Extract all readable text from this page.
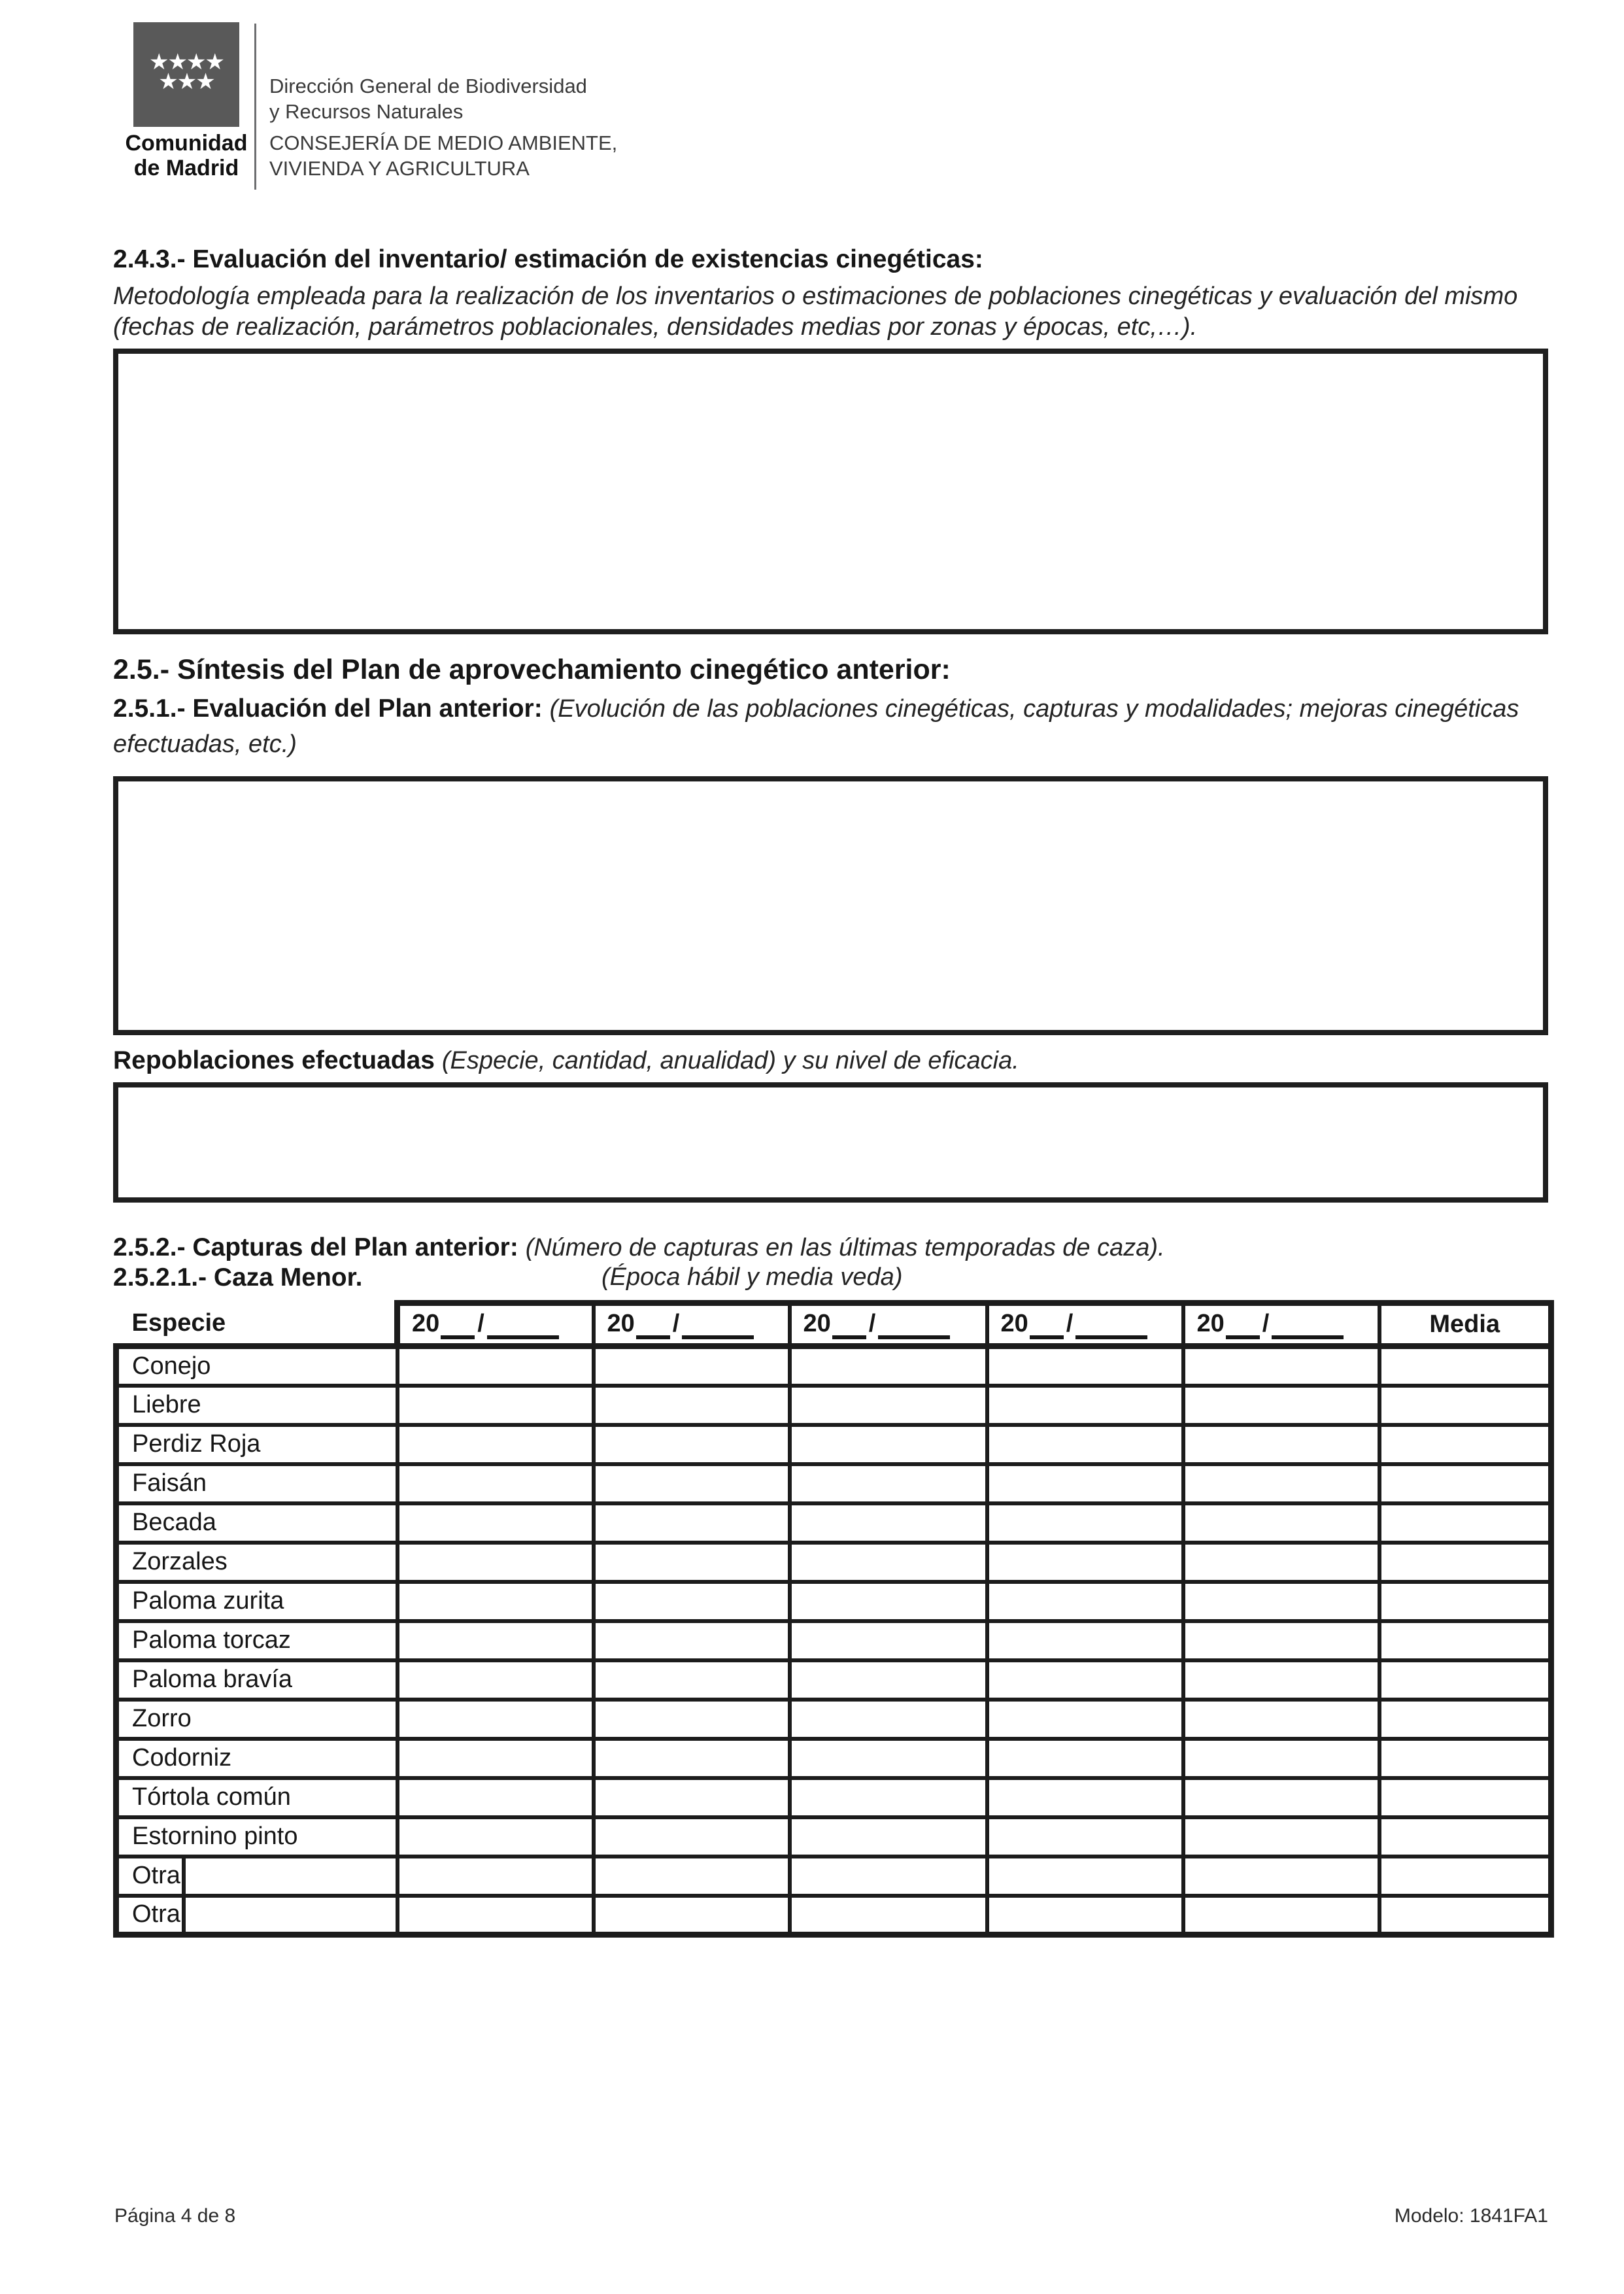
★★★★
★★★
Comunidad
de Madrid
Dirección General de Biodiversidad
y Recursos Naturales
CONSEJERÍA DE MEDIO AMBIENTE,
VIVIENDA Y AGRICULTURA
2.4.3.- Evaluación del inventario/ estimación de existencias cinegéticas:
Metodología empleada para la realización de los inventarios o estimaciones de poblaciones cinegéticas y evaluación del mismo (fechas de realización, parámetros poblacionales, densidades medias por zonas y épocas, etc,…).
2.5.- Síntesis del Plan de aprovechamiento cinegético anterior:
2.5.1.- Evaluación del Plan anterior: (Evolución de las poblaciones cinegéticas, capturas y modalidades; mejoras cinegéticas efectuadas, etc.)
Repoblaciones efectuadas (Especie, cantidad, anualidad) y su nivel de eficacia.
2.5.2.- Capturas del Plan anterior: (Número de capturas en las últimas temporadas de caza).
2.5.2.1.- Caza Menor.	(Época hábil y media veda)
Especie	20 /	20 /	20 /	20 /	20 /	Media
Conejo						
Liebre						
Perdiz Roja						
Faisán						
Becada						
Zorzales						
Paloma zurita						
Paloma torcaz						
Paloma bravía						
Zorro						
Codorniz						
Tórtola común						
Estornino pinto						

Otra						

Otra						

Página 4 de 8	Modelo: 1841FA1
